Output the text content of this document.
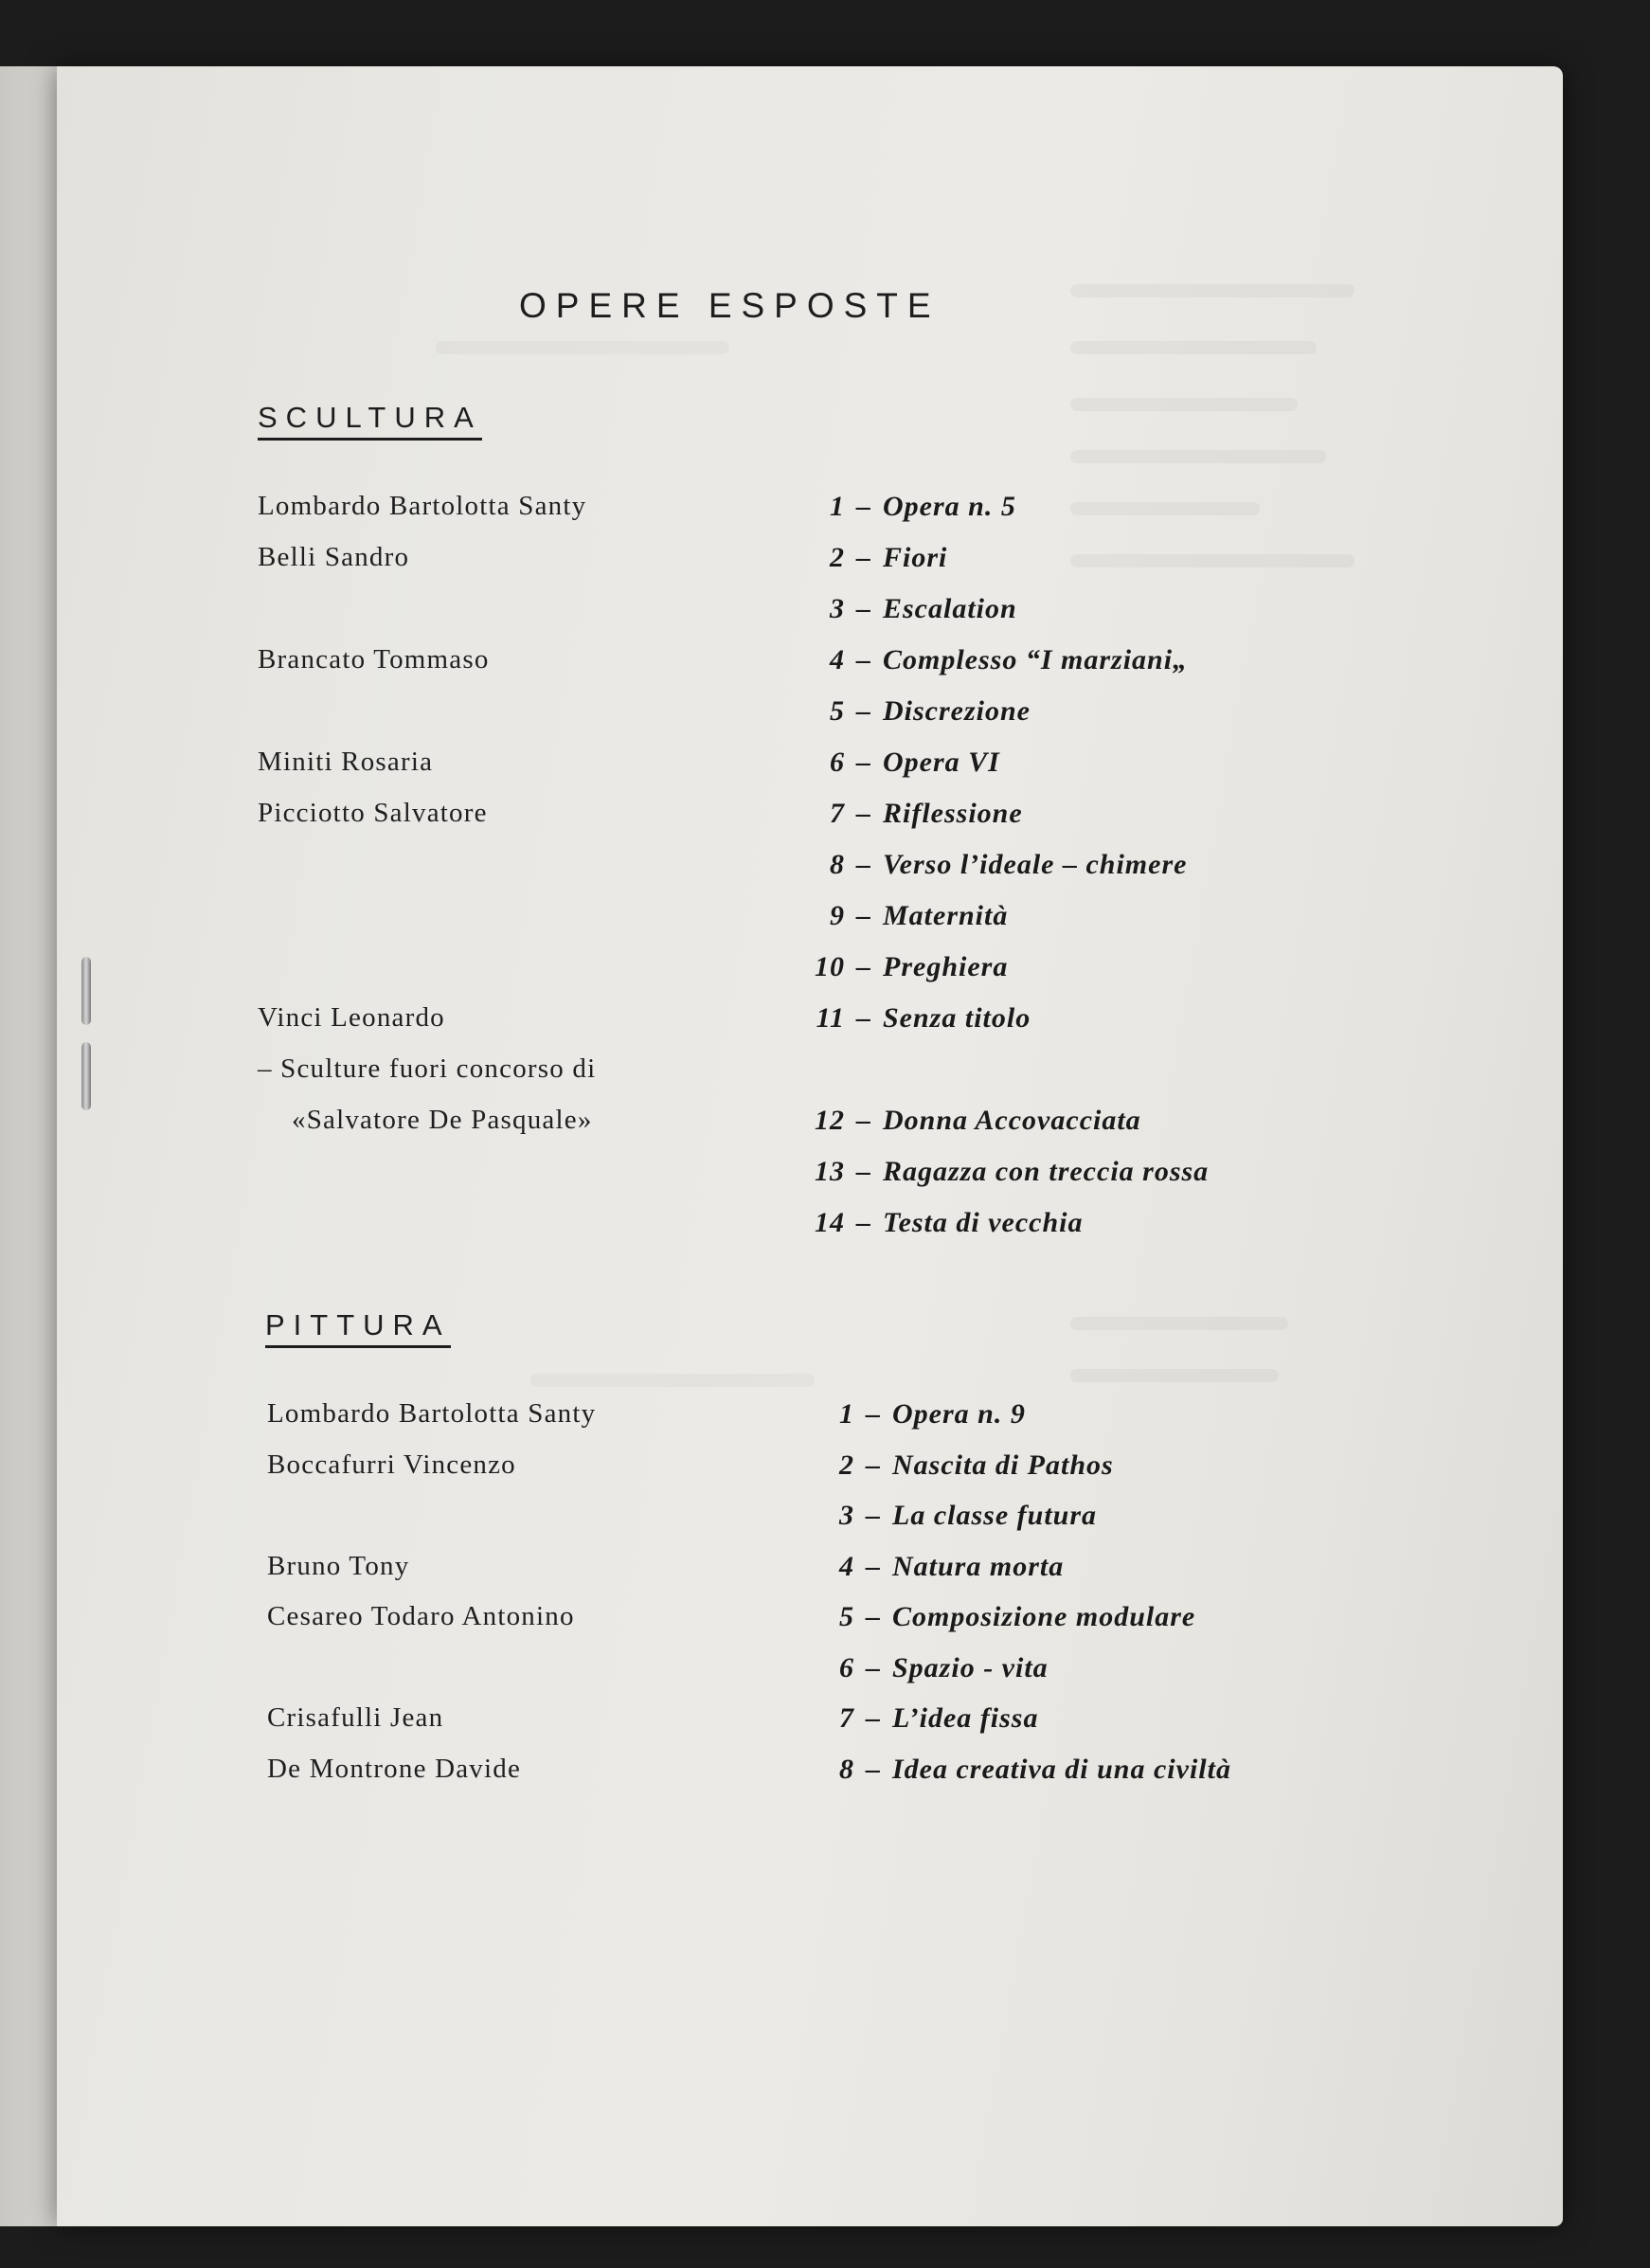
OPERE ESPOSTE
SCULTURA
Lombardo Bartolotta Santy
Belli Sandro
Brancato Tommaso
Miniti Rosaria
Picciotto Salvatore
Vinci Leonardo
– Sculture fuori concorso di
«Salvatore De Pasquale»
1 – Opera n. 5
2 – Fiori
3 – Escalation
4 – Complesso “I marziani„
5 – Discrezione
6 – Opera VI
7 – Riflessione
8 – Verso l’ideale – chimere
9 – Maternità
10 – Preghiera
11 – Senza titolo
12 – Donna Accovacciata
13 – Ragazza con treccia rossa
14 – Testa di vecchia
PITTURA
Lombardo Bartolotta Santy
Boccafurri Vincenzo
Bruno Tony
Cesareo Todaro Antonino
Crisafulli Jean
De Montrone Davide
1 – Opera n. 9
2 – Nascita di Pathos
3 – La classe futura
4 – Natura morta
5 – Composizione modulare
6 – Spazio - vita
7 – L’idea fissa
8 – Idea creativa di una civiltà
